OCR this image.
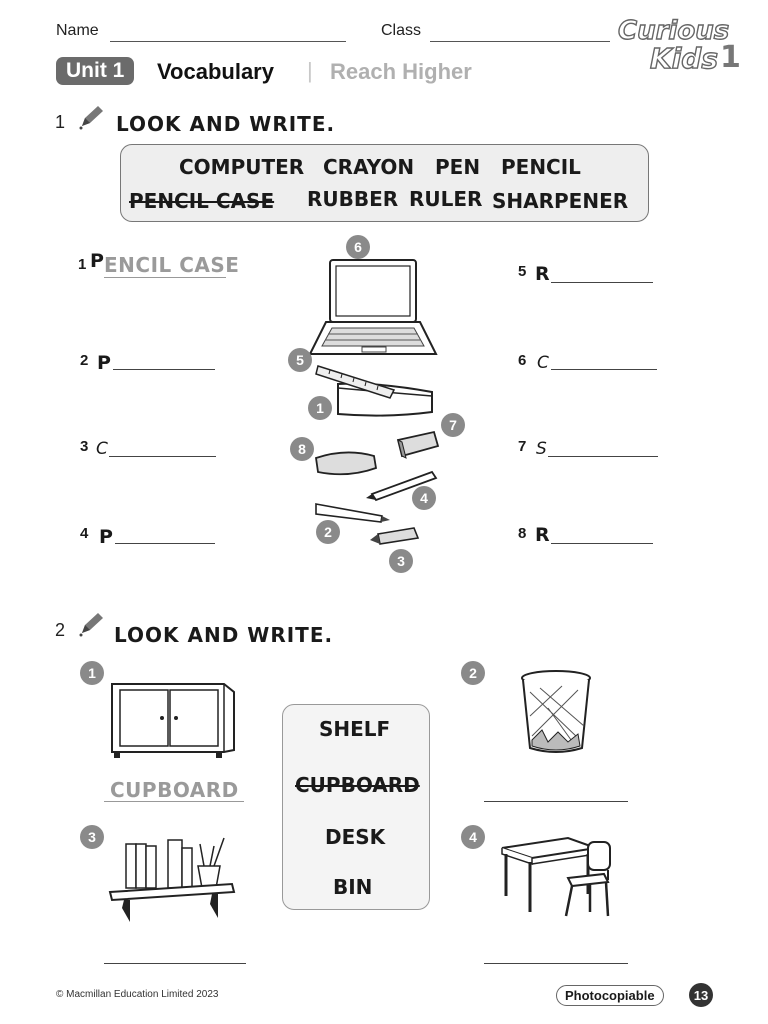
Name	Class	Curious
Kids 1
Unit 1	Vocabulary | Reach Higher
1	LOOK AND WRITE.
COMPUTER CRAYON PEN PENCIL
PENCIL CASE RUBBER RULER SHARPENER
1 P ENCIL CASE
2 P
3 C
4 P
5 R
6 C
7 S
8 R
1
2
3
4
5
6
7
8
2 LOOK AND WRITE.
SHELF
CUPBOARD
DESK
BIN
1	2
3	4
CUPBOARD
© Macmillan Education Limited 2023	Photocopiable	13
